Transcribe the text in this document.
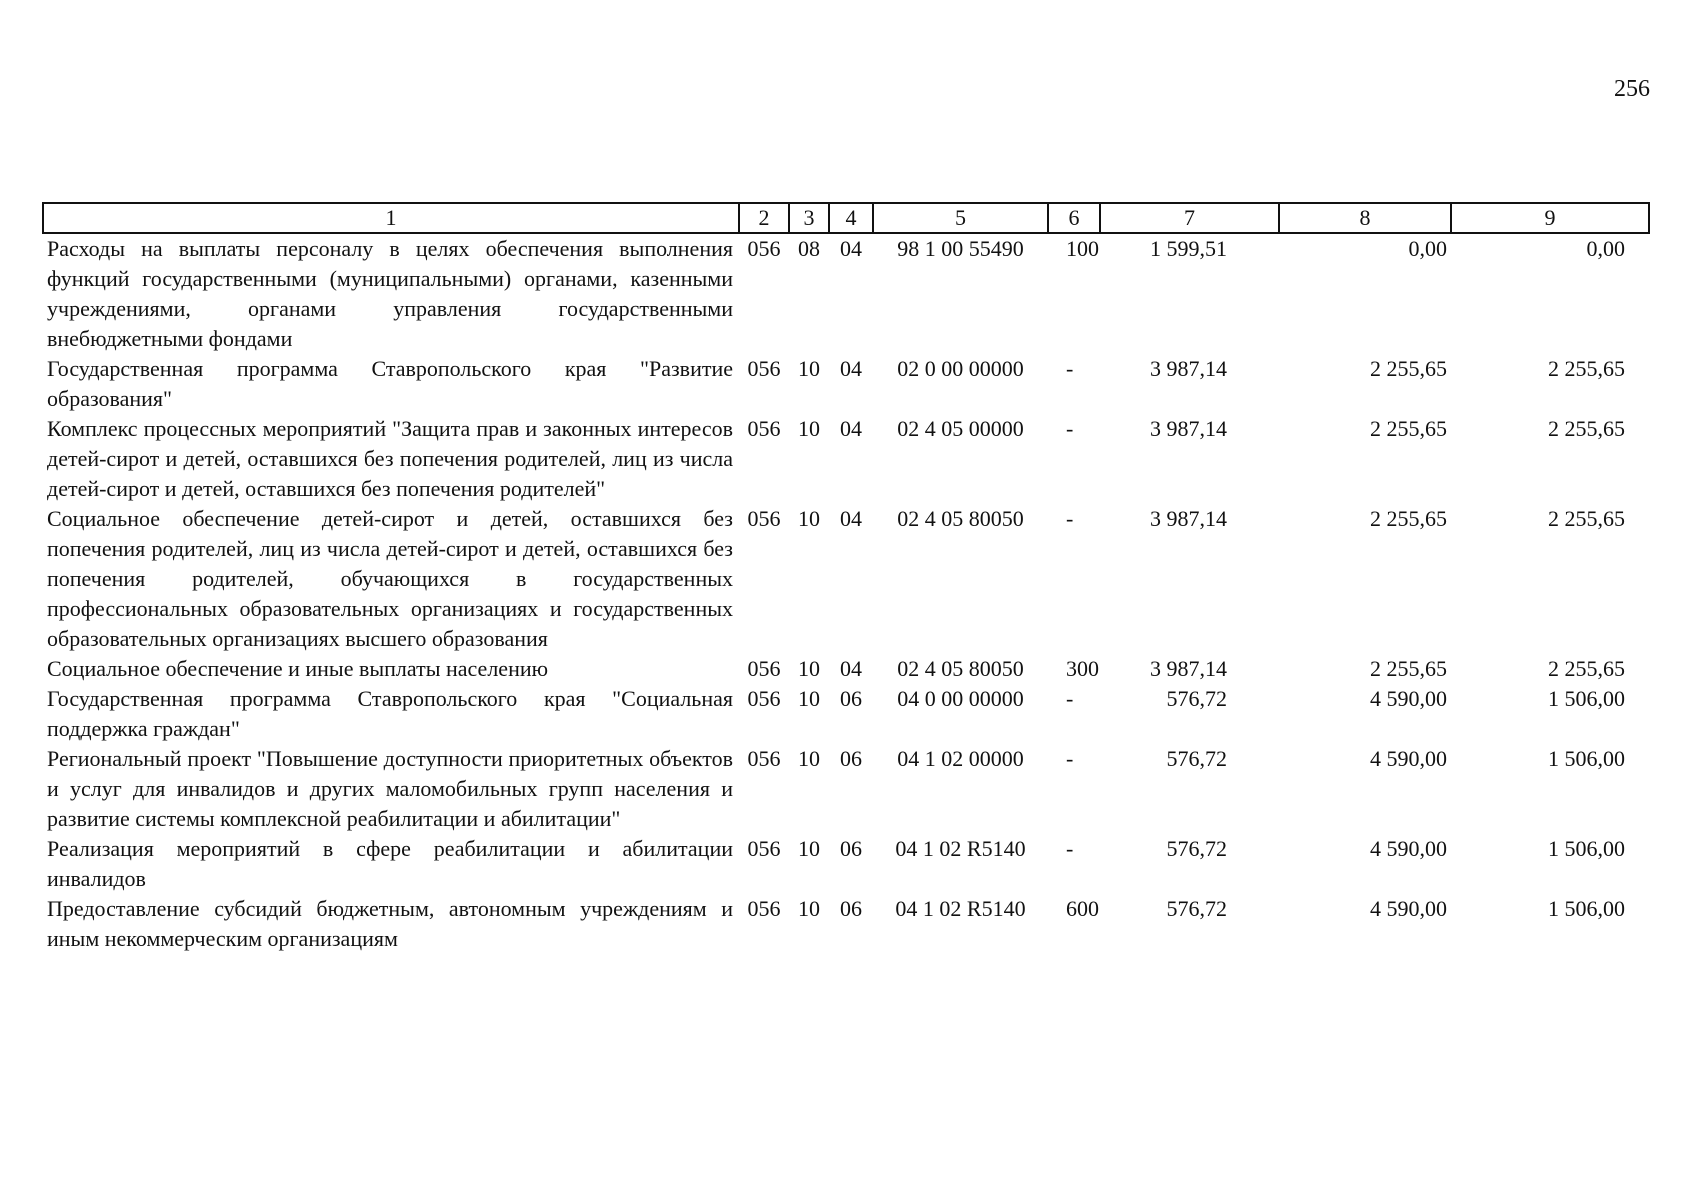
256
1	2	3	4	5	6	7	8	9
Расходы на выплаты персоналу в целях обеспечения выполнения функций государственными (муниципальными) органами, казенными учреждениями, органами управления государственными внебюджетными фондами	056	08	04	98 1 00 55490	100	1 599,51	0,00	0,00
Государственная программа Ставропольского края "Развитие образования"	056	10	04	02 0 00 00000	-	3 987,14	2 255,65	2 255,65
Комплекс процессных мероприятий "Защита прав и законных интересов детей-сирот и детей, оставшихся без попечения родителей, лиц из числа детей-сирот и детей, оставшихся без попечения родителей"	056	10	04	02 4 05 00000	-	3 987,14	2 255,65	2 255,65
Социальное обеспечение детей-сирот и детей, оставшихся без попечения родителей, лиц из числа детей-сирот и детей, оставшихся без попечения родителей, обучающихся в государственных профессиональных образовательных организациях и государственных образовательных организациях высшего образования	056	10	04	02 4 05 80050	-	3 987,14	2 255,65	2 255,65
Социальное обеспечение и иные выплаты населению	056	10	04	02 4 05 80050	300	3 987,14	2 255,65	2 255,65
Государственная программа Ставропольского края "Социальная поддержка граждан"	056	10	06	04 0 00 00000	-	576,72	4 590,00	1 506,00
Региональный проект "Повышение доступности приоритетных объектов и услуг для инвалидов и других маломобильных групп населения и развитие системы комплексной реабилитации и абилитации"	056	10	06	04 1 02 00000	-	576,72	4 590,00	1 506,00
Реализация мероприятий в сфере реабилитации и абилитации инвалидов	056	10	06	04 1 02 R5140	-	576,72	4 590,00	1 506,00
Предоставление субсидий бюджетным, автономным учреждениям и иным некоммерческим организациям	056	10	06	04 1 02 R5140	600	576,72	4 590,00	1 506,00
